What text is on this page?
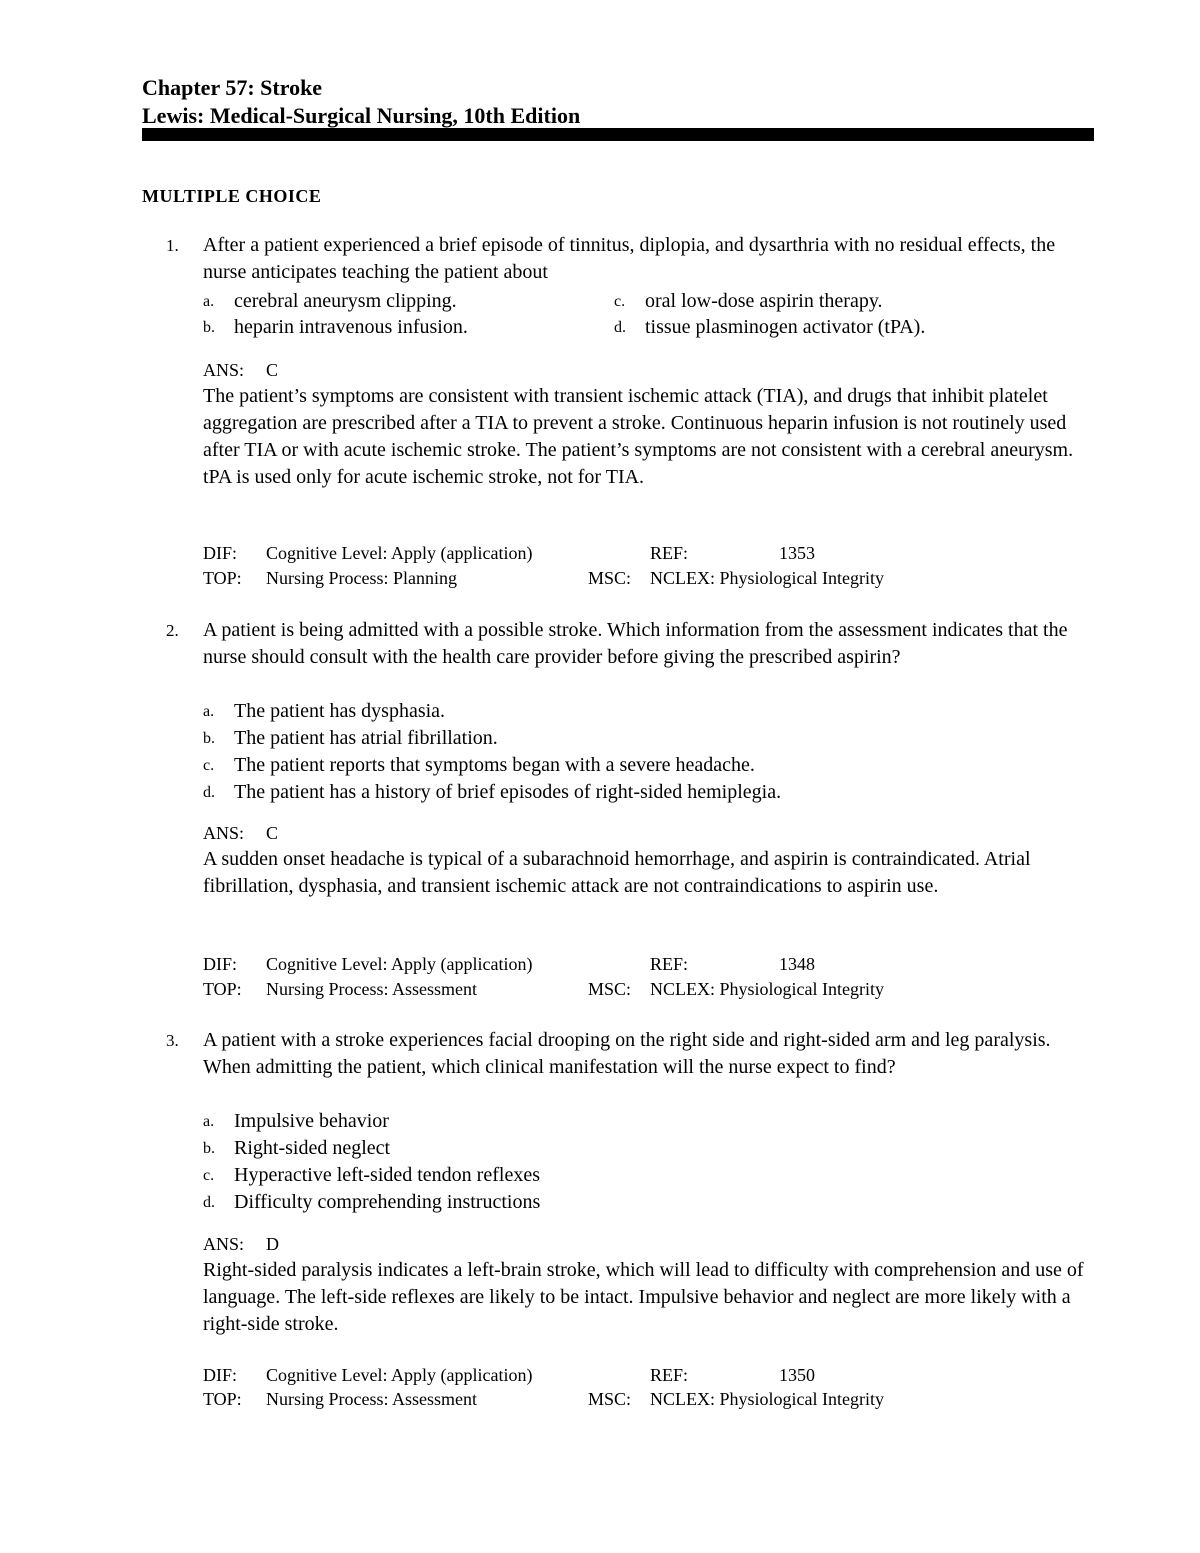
Chapter 57: Stroke
Lewis: Medical-Surgical Nursing, 10th Edition
MULTIPLE CHOICE
1. After a patient experienced a brief episode of tinnitus, diplopia, and dysarthria with no residual effects, the nurse anticipates teaching the patient about
a. cerebral aneurysm clipping.
b. heparin intravenous infusion.
c. oral low-dose aspirin therapy.
d. tissue plasminogen activator (tPA).
ANS: C
The patient’s symptoms are consistent with transient ischemic attack (TIA), and drugs that inhibit platelet aggregation are prescribed after a TIA to prevent a stroke. Continuous heparin infusion is not routinely used after TIA or with acute ischemic stroke. The patient’s symptoms are not consistent with a cerebral aneurysm. tPA is used only for acute ischemic stroke, not for TIA.
DIF: Cognitive Level: Apply (application)	REF:	1353
TOP: Nursing Process: Planning	MSC: NCLEX: Physiological Integrity
2. A patient is being admitted with a possible stroke. Which information from the assessment indicates that the nurse should consult with the health care provider before giving the prescribed aspirin?
a. The patient has dysphasia.
b. The patient has atrial fibrillation.
c. The patient reports that symptoms began with a severe headache.
d. The patient has a history of brief episodes of right-sided hemiplegia.
ANS: C
A sudden onset headache is typical of a subarachnoid hemorrhage, and aspirin is contraindicated. Atrial fibrillation, dysphasia, and transient ischemic attack are not contraindications to aspirin use.
DIF: Cognitive Level: Apply (application)	REF:	1348
TOP: Nursing Process: Assessment	MSC: NCLEX: Physiological Integrity
3. A patient with a stroke experiences facial drooping on the right side and right-sided arm and leg paralysis. When admitting the patient, which clinical manifestation will the nurse expect to find?
a. Impulsive behavior
b. Right-sided neglect
c. Hyperactive left-sided tendon reflexes
d. Difficulty comprehending instructions
ANS: D
Right-sided paralysis indicates a left-brain stroke, which will lead to difficulty with comprehension and use of language. The left-side reflexes are likely to be intact. Impulsive behavior and neglect are more likely with a right-side stroke.
DIF: Cognitive Level: Apply (application)	REF:	1350
TOP: Nursing Process: Assessment	MSC: NCLEX: Physiological Integrity
